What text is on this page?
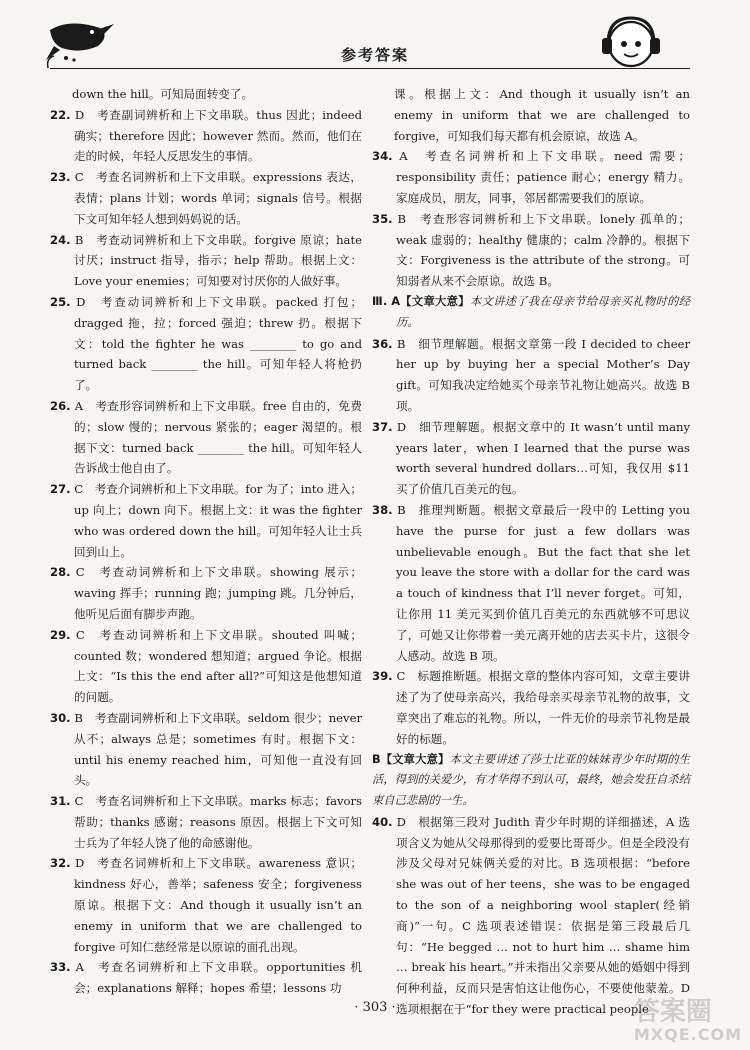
参考答案
down the hill。可知局面转变了。
22. D　考查副词辨析和上下文串联。thus 因此；indeed 确实；therefore 因此；however 然而。然而，他们在走的时候，年轻人反思发生的事情。
23. C　考查名词辨析和上下文串联。expressions 表达，表情；plans 计划；words 单词；signals 信号。根据下文可知年轻人想到妈妈说的话。
24. B　考查动词辨析和上下文串联。forgive 原谅；hate 讨厌；instruct 指导，指示；help 帮助。根据上文：Love your enemies；可知要对讨厌你的人做好事。
25. D　考查动词辨析和上下文串联。packed 打包；dragged 拖，拉；forced 强迫；threw 扔。根据下文：told the fighter he was ________ to go and turned back ________ the hill。可知年轻人将枪扔了。
26. A　考查形容词辨析和上下文串联。free 自由的，免费的；slow 慢的；nervous 紧张的；eager 渴望的。根据下文：turned back ________ the hill。可知年轻人告诉战士他自由了。
27. C　考查介词辨析和上下文串联。for 为了；into 进入；up 向上；down 向下。根据上文：it was the fighter who was ordered down the hill。可知年轻人让士兵回到山上。
28. C　考查动词辨析和上下文串联。showing 展示；waving 挥手；running 跑；jumping 跳。几分钟后，他听见后面有脚步声跑。
29. C　考查动词辨析和上下文串联。shouted 叫喊；counted 数；wondered 想知道；argued 争论。根据上文：“Is this the end after all?”可知这是他想知道的问题。
30. B　考查副词辨析和上下文串联。seldom 很少；never 从不；always 总是；sometimes 有时。根据下文：until his enemy reached him，可知他一直没有回头。
31. C　考查名词辨析和上下文串联。marks 标志；favors 帮助；thanks 感谢；reasons 原因。根据上下文可知士兵为了年轻人饶了他的命感谢他。
32. D　考查名词辨析和上下文串联。awareness 意识；kindness 好心，善举；safeness 安全；forgiveness 原谅。根据下文：And though it usually isn’t an enemy in uniform that we are challenged to forgive 可知仁慈经常是以原谅的面孔出现。
33. A　考查名词辨析和上下文串联。opportunities 机会；explanations 解释；hopes 希望；lessons 功
课。根据上文：And though it usually isn’t an enemy in uniform that we are challenged to forgive，可知我们每天都有机会原谅，故选 A。
34. A　考查名词辨析和上下文串联。need 需要；responsibility 责任；patience 耐心；energy 精力。家庭成员，朋友，同事，邻居都需要我们的原谅。
35. B　考查形容词辨析和上下文串联。lonely 孤单的；weak 虚弱的；healthy 健康的；calm 冷静的。根据下文：Forgiveness is the attribute of the strong。可知弱者从来不会原谅。故选 B。
Ⅲ. A【文章大意】本文讲述了我在母亲节给母亲买礼物时的经历。
36. B　细节理解题。根据文章第一段 I decided to cheer her up by buying her a special Mother’s Day gift。可知我决定给她买个母亲节礼物让她高兴。故选 B 项。
37. D　细节理解题。根据文章中的 It wasn’t until many years later，when I learned that the purse was worth several hundred dollars…可知，我仅用 $11 买了价值几百美元的包。
38. B　推理判断题。根据文章最后一段中的 Letting you have the purse for just a few dollars was unbelievable enough。But the fact that she let you leave the store with a dollar for the card was a touch of kindness that I’ll never forget。可知，让你用 11 美元买到价值几百美元的东西就够不可思议了，可她又让你带着一美元离开她的店去买卡片，这很令人感动。故选 B 项。
39. C　标题推断题。根据文章的整体内容可知，文章主要讲述了为了使母亲高兴，我给母亲买母亲节礼物的故事，文章突出了难忘的礼物。所以，一件无价的母亲节礼物是最好的标题。
B【文章大意】本文主要讲述了莎士比亚的妹妹青少年时期的生活，得到的关爱少，有才华得不到认可，最终，她会发狂自杀结束自己悲剧的一生。
40. D　根据第三段对 Judith 青少年时期的详细描述，A 选项含义为她从父母那得到的爱要比哥哥少。但是全段没有涉及父母对兄妹俩关爱的对比。B 选项根据：“before she was out of her teens，she was to be engaged to the son of a neighboring wool stapler(经销商)”一句。C 选项表述错误：依据是第三段最后几句：“He begged … not to hurt him … shame him … break his heart。”并未指出父亲要从她的婚姻中得到何种利益，反而只是害怕这让他伤心，不要使他蒙羞。D 选项根据在于“for they were practical people
· 303 ·	答案圈
MXQE.COM
